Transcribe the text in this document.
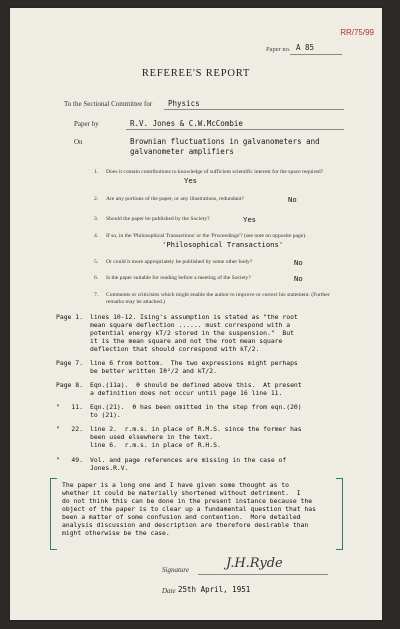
RR/75/99
Paper no. A 85
REFEREE'S REPORT
To the Sectional Committee for Physics
Paper by	R.V. Jones & C.W.McCombie
On	Brownian fluctuations in galvanometers and
galvanometer amplifiers
1. Does it contain contributions to knowledge of sufficient scientific interest for the space required?
Yes
2. Are any portions of the paper, or any illustrations, redundant?	No
3. Should the paper be published by the Society?	Yes
4. If so, in the 'Philosophical Transactions' or the 'Proceedings'? (see note on opposite page).
'Philosophical Transactions'
5. Or could it more appropriately be published by some other body?	No
6. Is the paper suitable for reading before a meeting of the Society?	No
7. Comments or criticisms which might enable the author to improve or correct his statement. (Further remarks may be attached.)
Page 1. lines 10-12. Ising's assumption is stated as "the root
mean square deflection ...... must correspond with a
potential energy kT/2 stored in the suspension."  But
it is the mean square and not the root mean square
deflection that should correspond with kT/2.
Page 7. line 6 from bottom.  The two expressions might perhaps
be better written Iθ²/2 and kT/2.
Page 8. Eqn.(11a).  θ should be defined above this.  At present
a definition does not occur until page 16 line 11.
"   11. Eqn.(21).  θ has been omitted in the step from eqn.(20)
to (21).
"   22. line 2.  r.m.s. in place of R.M.S. since the former has
been used elsewhere in the text.
line 6.  r.m.s. in place of R.H.S.
"   49. Vol. and page references are missing in the case of
Jones.R.V.
The paper is a long one and I have given some thought as to
whether it could be materially shortened without detriment.  I
do not think this can be done in the present instance because the
object of the paper is to clear up a fundamental question that has
been a matter of some confusion and contention.  More detailed
analysis discussion and description are therefore desirable than
might otherwise be the case.
Signature	J.H.Ryde
Date 25th April, 1951
